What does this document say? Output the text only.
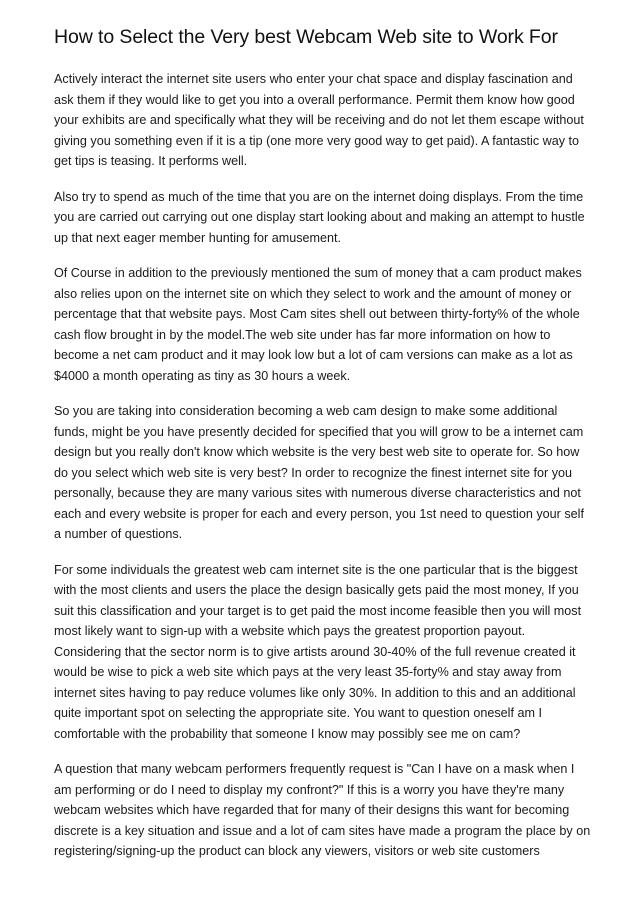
How to Select the Very best Webcam Web site to Work For

Actively interact the internet site users who enter your chat space and display fascination and ask them if they would like to get you into a overall performance. Permit them know how good your exhibits are and specifically what they will be receiving and do not let them escape without giving you something even if it is a tip (one more very good way to get paid). A fantastic way to get tips is teasing. It performs well.

Also try to spend as much of the time that you are on the internet doing displays. From the time you are carried out carrying out one display start looking about and making an attempt to hustle up that next eager member hunting for amusement.

Of Course in addition to the previously mentioned the sum of money that a cam product makes also relies upon on the internet site on which they select to work and the amount of money or percentage that that website pays. Most Cam sites shell out between thirty-forty% of the whole cash flow brought in by the model.The web site under has far more information on how to become a net cam product and it may look low but a lot of cam versions can make as a lot as $4000 a month operating as tiny as 30 hours a week.

So you are taking into consideration becoming a web cam design to make some additional funds, might be you have presently decided for specified that you will grow to be a internet cam design but you really don't know which website is the very best web site to operate for. So how do you select which web site is very best? In order to recognize the finest internet site for you personally, because they are many various sites with numerous diverse characteristics and not each and every website is proper for each and every person, you 1st need to question your self a number of questions.

For some individuals the greatest web cam internet site is the one particular that is the biggest with the most clients and users the place the design basically gets paid the most money, If you suit this classification and your target is to get paid the most income feasible then you will most most likely want to sign-up with a website which pays the greatest proportion payout. Considering that the sector norm is to give artists around 30-40% of the full revenue created it would be wise to pick a web site which pays at the very least 35-forty% and stay away from internet sites having to pay reduce volumes like only 30%. In addition to this and an additional quite important spot on selecting the appropriate site. You want to question oneself am I comfortable with the probability that someone I know may possibly see me on cam?

A question that many webcam performers frequently request is "Can I have on a mask when I am performing or do I need to display my confront?" If this is a worry you have they're many webcam websites which have regarded that for many of their designs this want for becoming discrete is a key situation and issue and a lot of cam sites have made a program the place by on registering/signing-up the product can block any viewers, visitors or web site customers
